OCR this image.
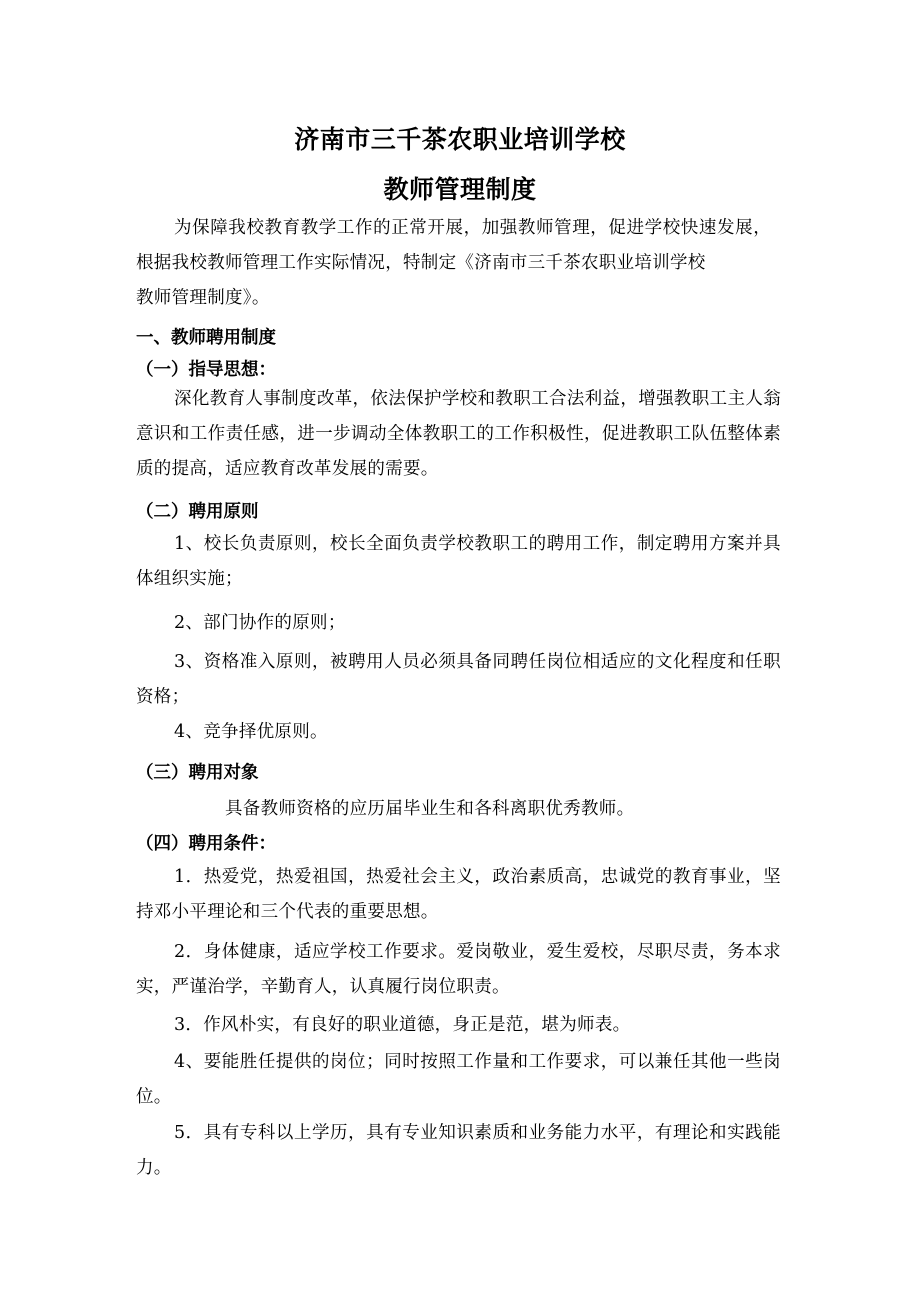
济南市三千茶农职业培训学校
教师管理制度

为保障我校教育教学工作的正常开展，加强教师管理，促进学校快速发展，根据我校教师管理工作实际情况，特制定《济南市三千茶农职业培训学校

教师管理制度》。

一、教师聘用制度

（一）指导思想：

深化教育人事制度改革，依法保护学校和教职工合法利益，增强教职工主人翁意识和工作责任感，进一步调动全体教职工的工作积极性，促进教职工队伍整体素质的提高，适应教育改革发展的需要。

（二）聘用原则

1、校长负责原则，校长全面负责学校教职工的聘用工作，制定聘用方案并具体组织实施；

2、部门协作的原则；

3、资格准入原则，被聘用人员必须具备同聘任岗位相适应的文化程度和任职资格；

4、竞争择优原则。

（三）聘用对象

具备教师资格的应历届毕业生和各科离职优秀教师。

（四）聘用条件：

1．热爱党，热爱祖国，热爱社会主义，政治素质高，忠诚党的教育事业，坚持邓小平理论和三个代表的重要思想。

2．身体健康，适应学校工作要求。爱岗敬业，爱生爱校，尽职尽责，务本求实，严谨治学，辛勤育人，认真履行岗位职责。

3．作风朴实，有良好的职业道德，身正是范，堪为师表。

4、要能胜任提供的岗位；同时按照工作量和工作要求，可以兼任其他一些岗位。

5．具有专科以上学历，具有专业知识素质和业务能力水平，有理论和实践能力。
